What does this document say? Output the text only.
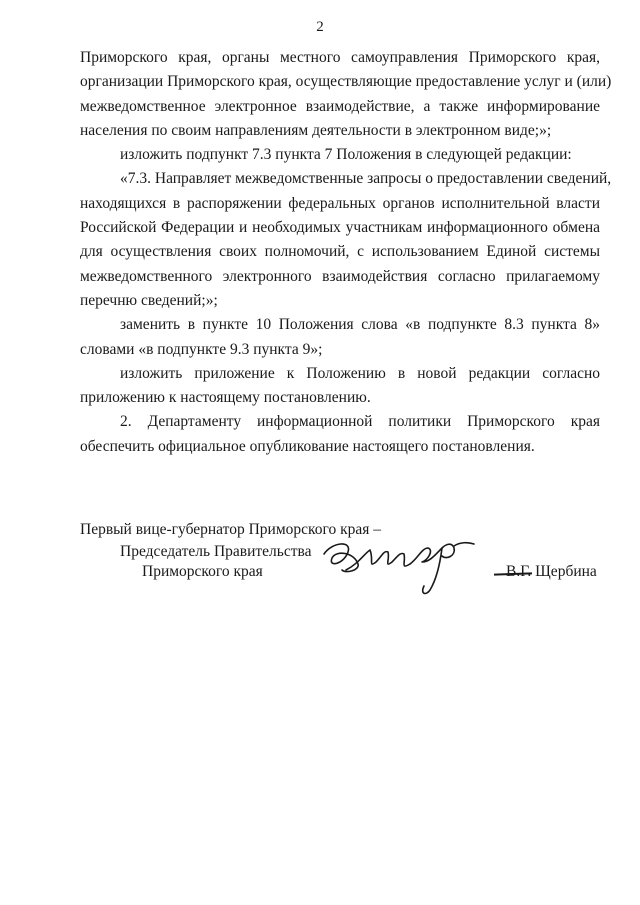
2
Приморского края, органы местного самоуправления Приморского края,
организации Приморского края, осуществляющие предоставление услуг и (или)
межведомственное электронное взаимодействие, а также информирование
населения по своим направлениям деятельности в электронном виде;»;
изложить подпункт 7.3 пункта 7 Положения в следующей редакции:
«7.3. Направляет межведомственные запросы о предоставлении сведений,
находящихся в распоряжении федеральных органов исполнительной власти
Российской Федерации и необходимых участникам информационного обмена
для осуществления своих полномочий, с использованием Единой системы
межведомственного электронного взаимодействия согласно прилагаемому
перечню сведений;»;
заменить в пункте 10 Положения слова «в подпункте 8.3 пункта 8»
словами «в подпункте 9.3 пункта 9»;
изложить приложение к Положению в новой редакции согласно
приложению к настоящему постановлению.
2. Департаменту информационной политики Приморского края
обеспечить официальное опубликование настоящего постановления.
Первый вице-губернатор Приморского края –
Председатель Правительства
Приморского края	В.Г. Щербина
